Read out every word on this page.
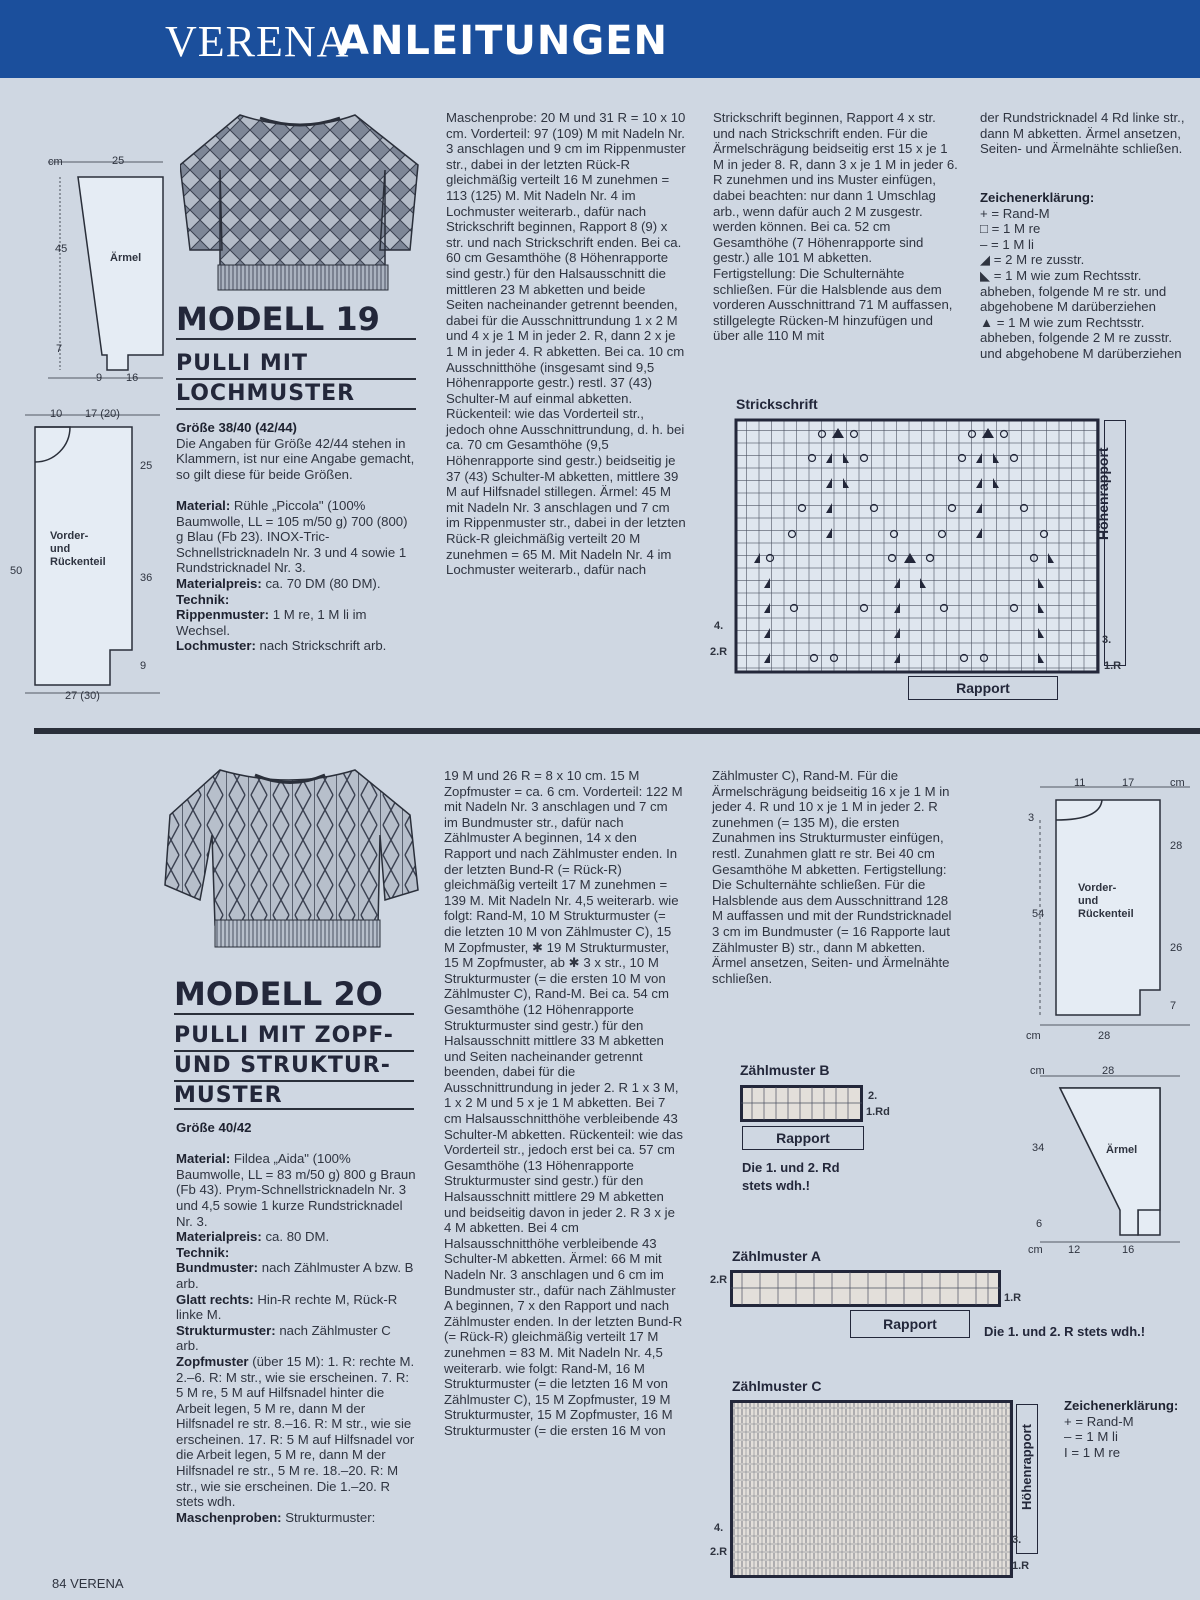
VERENA
ANLEITUNGEN
cm	25
45
7
9 16
Ärmel
10 17 (20)
25
50
36
9
27 (30)
Vorder- und Rückenteil
MODELL 19
PULLI MIT
LOCHMUSTER
Größe 38/40 (42/44)
Die Angaben für Größe 42/44 stehen in Klammern, ist nur eine Angabe gemacht, so gilt diese für beide Größen.

Material: Rühle „Piccola" (100% Baumwolle, LL = 105 m/50 g) 700 (800) g Blau (Fb 23). INOX-Tric-Schnellstricknadeln Nr. 3 und 4 sowie 1 Rundstricknadel Nr. 3.
Materialpreis: ca. 70 DM (80 DM).
Technik:
Rippenmuster: 1 M re, 1 M li im Wechsel.
Lochmuster: nach Strickschrift arb.
Maschenprobe: 20 M und 31 R = 10 x 10 cm. Vorderteil: 97 (109) M mit Nadeln Nr. 3 anschlagen und 9 cm im Rippenmuster str., dabei in der letzten Rück-R gleichmäßig verteilt 16 M zunehmen = 113 (125) M. Mit Nadeln Nr. 4 im Lochmuster weiterarb., dafür nach Strickschrift beginnen, Rapport 8 (9) x str. und nach Strickschrift enden. Bei ca. 60 cm Gesamthöhe (8 Höhenrapporte sind gestr.) für den Halsausschnitt die mittleren 23 M abketten und beide Seiten nacheinander getrennt beenden, dabei für die Ausschnittrundung 1 x 2 M und 4 x je 1 M in jeder 2. R, dann 2 x je 1 M in jeder 4. R abketten. Bei ca. 10 cm Ausschnitthöhe (insgesamt sind 9,5 Höhenrapporte gestr.) restl. 37 (43) Schulter-M auf einmal abketten. Rückenteil: wie das Vorderteil str., jedoch ohne Ausschnittrundung, d. h. bei ca. 70 cm Gesamthöhe (9,5 Höhenrapporte sind gestr.) beidseitig je 37 (43) Schulter-M abketten, mittlere 39 M auf Hilfsnadel stillegen. Ärmel: 45 M mit Nadeln Nr. 3 anschlagen und 7 cm im Rippenmuster str., dabei in der letzten Rück-R gleichmäßig verteilt 20 M zunehmen = 65 M. Mit Nadeln Nr. 4 im Lochmuster weiterarb., dafür nach
Strickschrift beginnen, Rapport 4 x str. und nach Strickschrift enden. Für die Ärmelschrägung beidseitig erst 15 x je 1 M in jeder 8. R, dann 3 x je 1 M in jeder 6. R zunehmen und ins Muster einfügen, dabei beachten: nur dann 1 Umschlag arb., wenn dafür auch 2 M zusgestr. werden können. Bei ca. 52 cm Gesamthöhe (7 Höhenrapporte sind gestr.) alle 101 M abketten. Fertigstellung: Die Schulternähte schließen. Für die Halsblende aus dem vorderen Ausschnittrand 71 M auffassen, stillgelegte Rücken-M hinzufügen und über alle 110 M mit
der Rundstricknadel 4 Rd linke str., dann M abketten. Ärmel ansetzen, Seiten- und Ärmelnähte schließen.
Zeichenerklärung:

+ = Rand-M
□ = 1 M re
– = 1 M li
◢ = 2 M re zusstr.
◣ = 1 M wie zum Rechtsstr. abheben, folgende M re str. und abgehobene M darüberziehen
▲ = 1 M wie zum Rechtsstr. abheben, folgende 2 M re zusstr. und abgehobene M darüberziehen
Strickschrift
Höhenrapport
Rapport
4.
2.R
3.
1.R
MODELL 2O
PULLI MIT ZOPF-
UND STRUKTUR-
MUSTER
Größe 40/42

Material: Fildea „Aida" (100% Baumwolle, LL = 83 m/50 g) 800 g Braun (Fb 43). Prym-Schnellstricknadeln Nr. 3 und 4,5 sowie 1 kurze Rundstricknadel Nr. 3.
Materialpreis: ca. 80 DM.
Technik:
Bundmuster: nach Zählmuster A bzw. B arb.
Glatt rechts: Hin-R rechte M, Rück-R linke M.
Strukturmuster: nach Zählmuster C arb.
Zopfmuster (über 15 M): 1. R: rechte M. 2.–6. R: M str., wie sie erscheinen. 7. R: 5 M re, 5 M auf Hilfsnadel hinter die Arbeit legen, 5 M re, dann M der Hilfsnadel re str. 8.–16. R: M str., wie sie erscheinen. 17. R: 5 M auf Hilfsnadel vor die Arbeit legen, 5 M re, dann M der Hilfsnadel re str., 5 M re. 18.–20. R: M str., wie sie erscheinen. Die 1.–20. R stets wdh.
Maschenproben: Strukturmuster:
19 M und 26 R = 8 x 10 cm. 15 M Zopfmuster = ca. 6 cm. Vorderteil: 122 M mit Nadeln Nr. 3 anschlagen und 7 cm im Bundmuster str., dafür nach Zählmuster A beginnen, 14 x den Rapport und nach Zählmuster enden. In der letzten Bund-R (= Rück-R) gleichmäßig verteilt 17 M zunehmen = 139 M. Mit Nadeln Nr. 4,5 weiterarb. wie folgt: Rand-M, 10 M Strukturmuster (= die letzten 10 M von Zählmuster C), 15 M Zopfmuster, ✱ 19 M Strukturmuster, 15 M Zopfmuster, ab ✱ 3 x str., 10 M Strukturmuster (= die ersten 10 M von Zählmuster C), Rand-M. Bei ca. 54 cm Gesamthöhe (12 Höhenrapporte Strukturmuster sind gestr.) für den Halsausschnitt mittlere 33 M abketten und Seiten nacheinander getrennt beenden, dabei für die Ausschnittrundung in jeder 2. R 1 x 3 M, 1 x 2 M und 5 x je 1 M abketten. Bei 7 cm Halsausschnitthöhe verbleibende 43 Schulter-M abketten. Rückenteil: wie das Vorderteil str., jedoch erst bei ca. 57 cm Gesamthöhe (13 Höhenrapporte Strukturmuster sind gestr.) für den Halsausschnitt mittlere 29 M abketten und beidseitig davon in jeder 2. R 3 x je 4 M abketten. Bei 4 cm Halsausschnitthöhe verbleibende 43 Schulter-M abketten. Ärmel: 66 M mit Nadeln Nr. 3 anschlagen und 6 cm im Bundmuster str., dafür nach Zählmuster A beginnen, 7 x den Rapport und nach Zählmuster enden. In der letzten Bund-R (= Rück-R) gleichmäßig verteilt 17 M zunehmen = 83 M. Mit Nadeln Nr. 4,5 weiterarb. wie folgt: Rand-M, 16 M Strukturmuster (= die letzten 16 M von Zählmuster C), 15 M Zopfmuster, 19 M Strukturmuster, 15 M Zopfmuster, 16 M Strukturmuster (= die ersten 16 M von
Zählmuster C), Rand-M. Für die Ärmelschrägung beidseitig 16 x je 1 M in jeder 4. R und 10 x je 1 M in jeder 2. R zunehmen (= 135 M), die ersten Zunahmen ins Strukturmuster einfügen, restl. Zunahmen glatt re str. Bei 40 cm Gesamthöhe M abketten. Fertigstellung: Die Schulternähte schließen. Für die Halsblende aus dem Ausschnittrand 128 M auffassen und mit der Rundstricknadel 3 cm im Bundmuster (= 16 Rapporte laut Zählmuster B) str., dann M abketten. Ärmel ansetzen, Seiten- und Ärmelnähte schließen.
Zählmuster B
2.
1.Rd
Rapport
Die 1. und 2. Rd
stets wdh.!
11	17	cm
3
28
54
26
7
cm	28
Vorder- und Rückenteil
cm	28
34
6
cm 12	16
Ärmel
Zählmuster A
2.R
1.R
Rapport	Die 1. und 2. R stets wdh.!
Zählmuster C
Höhenrapport
4.
2.R
3.
1.R
Zeichenerklärung:

+ = Rand-M
– = 1 M li
I = 1 M re
84 VERENA
